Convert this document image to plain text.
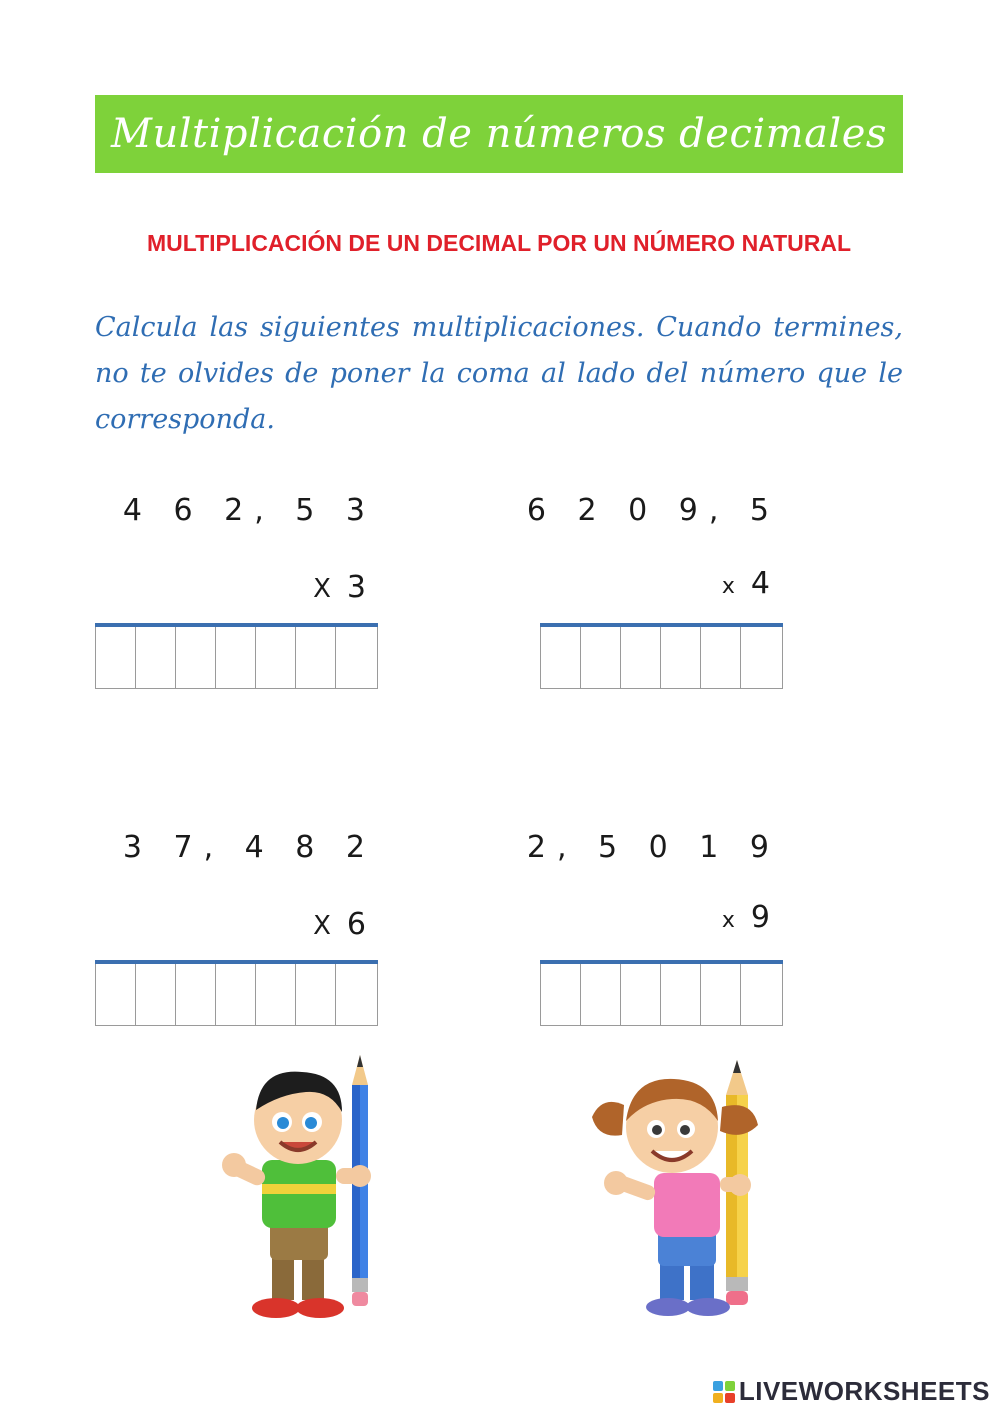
Multiplicación de números decimales
MULTIPLICACIÓN DE UN DECIMAL POR UN NÚMERO NATURAL
Calcula las siguientes multiplicaciones. Cuando termines, no te olvides de poner la coma al lado del número que le corresponda.
4 6 2, 5 3
X 3
6 2 0 9, 5
x 4
3 7, 4 8 2
X 6
2, 5 0 1 9
x 9
LIVEWORKSHEETS
